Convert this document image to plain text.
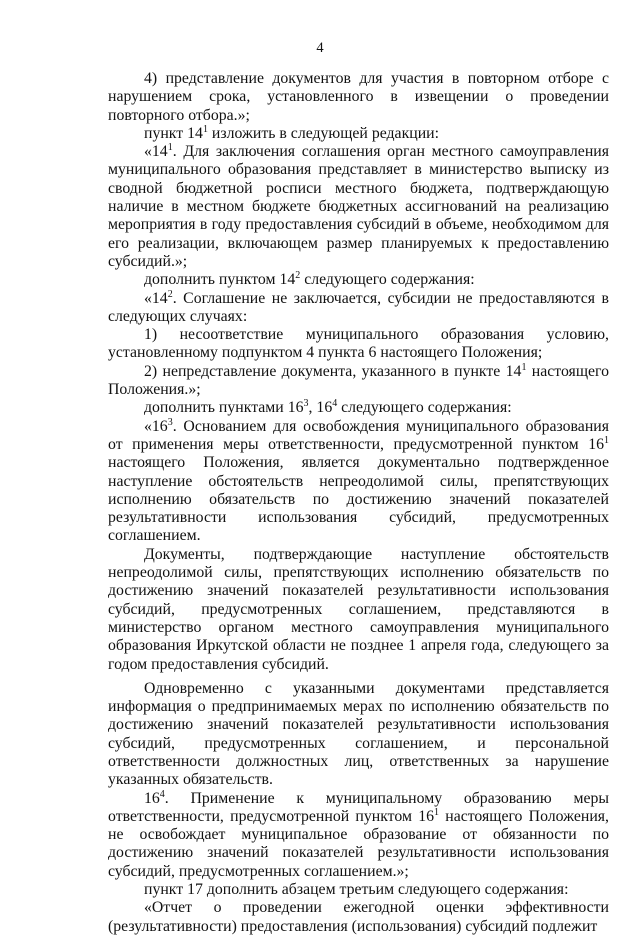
4

4) представление документов для участия в повторном отборе с нарушением срока, установленного в извещении о проведении повторного отбора.»;

пункт $14^1$ изложить в следующей редакции:

«$14^1$. Для заключения соглашения орган местного самоуправления муниципального образования представляет в министерство выписку из сводной бюджетной росписи местного бюджета, подтверждающую наличие в местном бюджете бюджетных ассигнований на реализацию мероприятия в году предоставления субсидий в объеме, необходимом для его реализации, включающем размер планируемых к предоставлению субсидий.»;

дополнить пунктом $14^2$ следующего содержания:

«$14^2$. Соглашение не заключается, субсидии не предоставляются в следующих случаях:

1) несоответствие муниципального образования условию, установленному подпунктом 4 пункта 6 настоящего Положения;

2) непредставление документа, указанного в пункте $14^1$ настоящего Положения.»;

дополнить пунктами $16^3$, $16^4$ следующего содержания:

«$16^3$. Основанием для освобождения муниципального образования от применения меры ответственности, предусмотренной пунктом $16^1$ настоящего Положения, является документально подтвержденное наступление обстоятельств непреодолимой силы, препятствующих исполнению обязательств по достижению значений показателей результативности использования субсидий, предусмотренных соглашением.

Документы, подтверждающие наступление обстоятельств непреодолимой силы, препятствующих исполнению обязательств по достижению значений показателей результативности использования субсидий, предусмотренных соглашением, представляются в министерство органом местного самоуправления муниципального образования Иркутской области не позднее 1 апреля года, следующего за годом предоставления субсидий.

Одновременно с указанными документами представляется информация о предпринимаемых мерах по исполнению обязательств по достижению значений показателей результативности использования субсидий, предусмотренных соглашением, и персональной ответственности должностных лиц, ответственных за нарушение указанных обязательств.

$16^4$. Применение к муниципальному образованию меры ответственности, предусмотренной пунктом $16^1$ настоящего Положения, не освобождает муниципальное образование от обязанности по достижению значений показателей результативности использования субсидий, предусмотренных соглашением.»;

пункт 17 дополнить абзацем третьим следующего содержания:

«Отчет о проведении ежегодной оценки эффективности (результативности) предоставления (использования) субсидий подлежит
